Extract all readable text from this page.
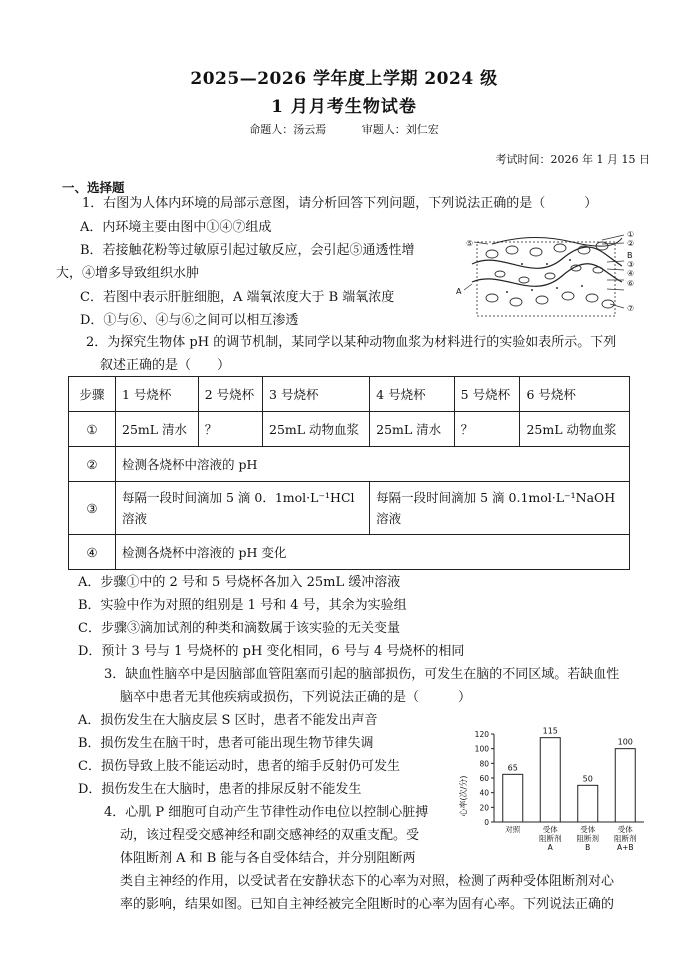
2025—2026 学年度上学期 2024 级
1 月月考生物试卷
命题人：汤云焉	审题人：刘仁宏
考试时间：2026 年 1 月 15 日
一、选择题
1．右图为人体内环境的局部示意图，请分析回答下列问题，下列说法正确的是（　　　）
A．内环境主要由图中①④⑦组成
B．若接触花粉等过敏原引起过敏反应，会引起⑤通透性增
大，④增多导致组织水肿
C．若图中表示肝脏细胞，A 端氧浓度大于 B 端氧浓度
D．①与⑥、④与⑥之间可以相互渗透
①
②
B
③
④
⑥
⑦
⑤
A
2．为探究生物体 pH 的调节机制，某同学以某种动物血浆为材料进行的实验如表所示。下列
叙述正确的是（　　）
步骤	1 号烧杯	2 号烧杯	3 号烧杯	4 号烧杯	5 号烧杯	6 号烧杯
①	25mL 清水	？	25mL 动物血浆	25mL 清水	？	25mL 动物血浆
②	检测各烧杯中溶液的 pH					
③	每隔一段时间滴加 5 滴 0．1mol·L⁻¹HCl 溶液			每隔一段时间滴加 5 滴 0.1mol·L⁻¹NaOH 溶液		
④	检测各烧杯中溶液的 pH 变化					
A．步骤①中的 2 号和 5 号烧杯各加入 25mL 缓冲溶液
B．实验中作为对照的组别是 1 号和 4 号，其余为实验组
C．步骤③滴加试剂的种类和滴数属于该实验的无关变量
D．预计 3 号与 1 号烧杯的 pH 变化相同，6 号与 4 号烧杯的相同
3．缺血性脑卒中是因脑部血管阻塞而引起的脑部损伤，可发生在脑的不同区域。若缺血性
脑卒中患者无其他疾病或损伤，下列说法正确的是（　　　）
A．损伤发生在大脑皮层 S 区时，患者不能发出声音
B．损伤发生在脑干时，患者可能出现生物节律失调
C．损伤导致上肢不能运动时，患者的缩手反射仍可发生
D．损伤发生在大脑时，患者的排尿反射不能发生
4．心肌 P 细胞可自动产生节律性动作电位以控制心脏搏
动，该过程受交感神经和副交感神经的双重支配。受
体阻断剂 A 和 B 能与各自受体结合，并分别阻断两
类自主神经的作用，以受试者在安静状态下的心率为对照，检测了两种受体阻断剂对心
率的影响，结果如图。已知自主神经被完全阻断时的心率为固有心率。下列说法正确的
心率(次/分)
0
20
40
60
80
100
120
65
对照
115
受体
阻断剂
A
50
受体
阻断剂
B
100
受体
阻断剂
A+B
